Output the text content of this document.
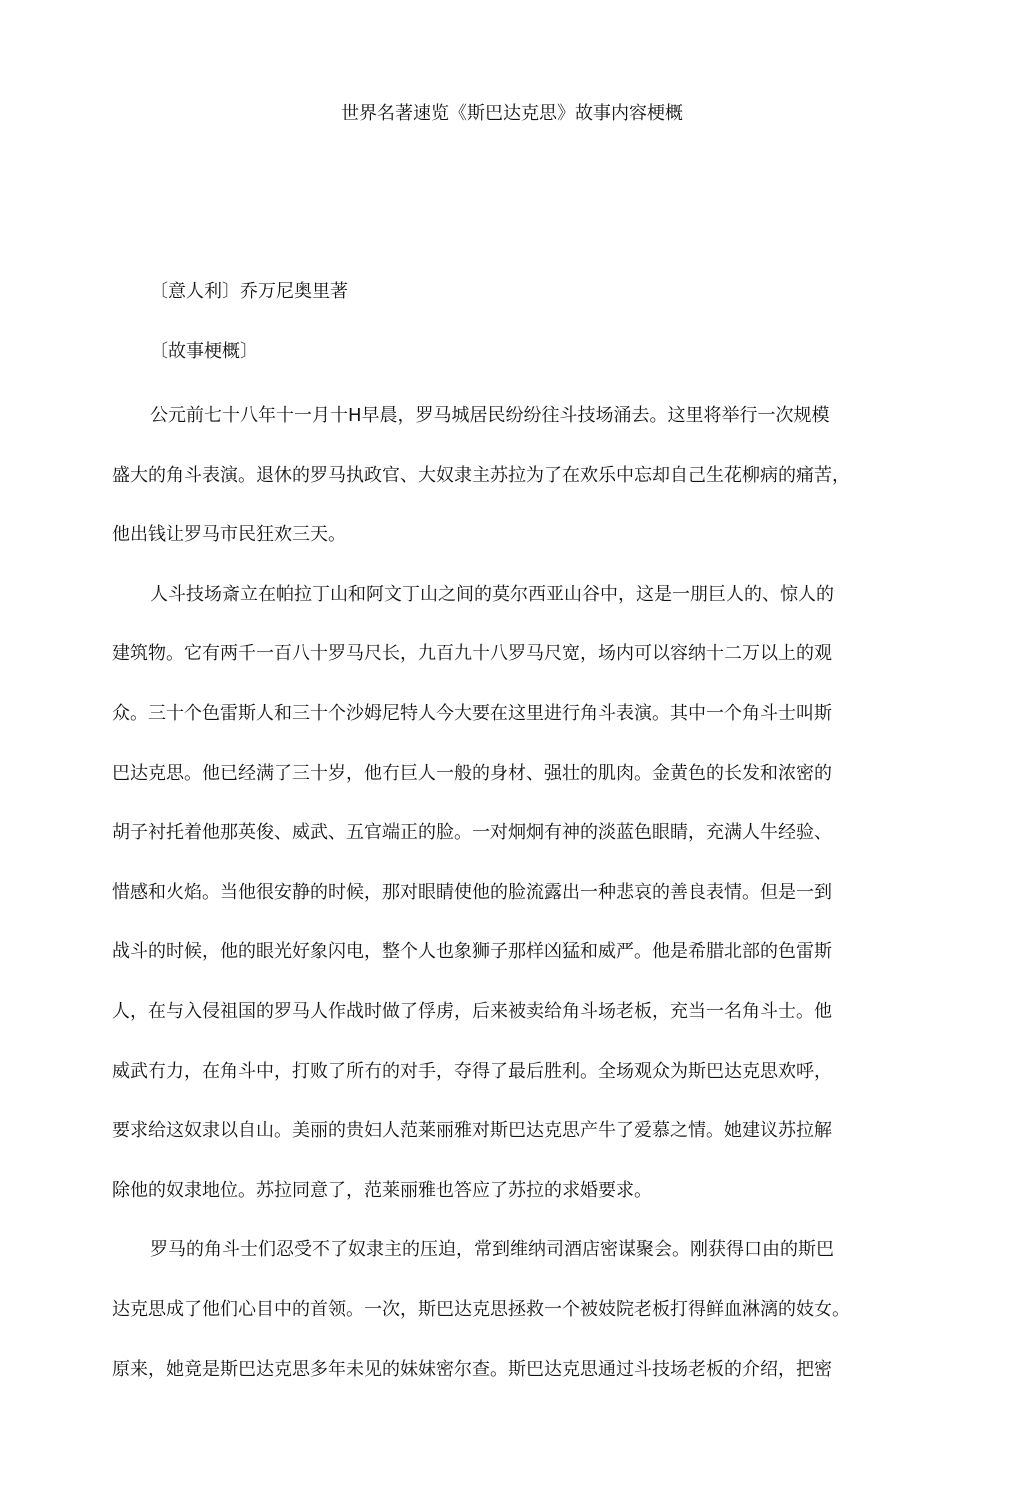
世界名著速览《斯巴达克思》故事内容梗概
〔意人利〕乔万尼奥里著
〔故事梗概〕
公元前七十八年十一月十H早晨，罗马城居民纷纷往斗技场涌去。这里将举行一次规模
盛大的角斗表演。退休的罗马执政官、大奴隶主苏拉为了在欢乐中忘却自己生花柳病的痛苦，
他出钱让罗马市民狂欢三天。
人斗技场斎立在帕拉丁山和阿文丁山之间的莫尔西亚山谷中，这是一朋巨人的、惊人的
建筑物。它有两千一百八十罗马尺长，九百九十八罗马尺宽，场内可以容纳十二万以上的观
众。三十个色雷斯人和三十个沙姆尼特人今大要在这里进行角斗表演。其中一个角斗士叫斯
巴达克思。他已经满了三十岁，他冇巨人一般的身材、强壮的肌肉。金黄色的长发和浓密的
胡子衬托着他那英俊、威武、五官端正的脸。一对炯炯有神的淡蓝色眼睛，充满人牛经验、
惜感和火焰。当他很安静的时候，那对眼睛使他的脸流露出一种悲哀的善良表情。但是一到
战斗的时候，他的眼光好象闪电，整个人也象狮子那样凶猛和威严。他是希腊北部的色雷斯
人，在与入侵祖国的罗马人作战时做了俘虏，后来被卖给角斗场老板，充当一名角斗士。他
威武冇力，在角斗中，打败了所冇的对手，夺得了最后胜利。全场观众为斯巴达克思欢呼，
要求给这奴隶以自山。美丽的贵妇人范莱丽雅对斯巴达克思产牛了爱慕之情。她建议苏拉解
除他的奴隶地位。苏拉同意了，范莱丽雅也答应了苏拉的求婚要求。
罗马的角斗士们忍受不了奴隶主的压迫，常到维纳司酒店密谋聚会。刚获得口由的斯巴
达克思成了他们心目中的首领。一次，斯巴达克思拯救一个被妓院老板打得鲜血淋漓的妓女。
原来，她竟是斯巴达克思多年未见的妹妹密尔查。斯巴达克思通过斗技场老板的介绍，把密
